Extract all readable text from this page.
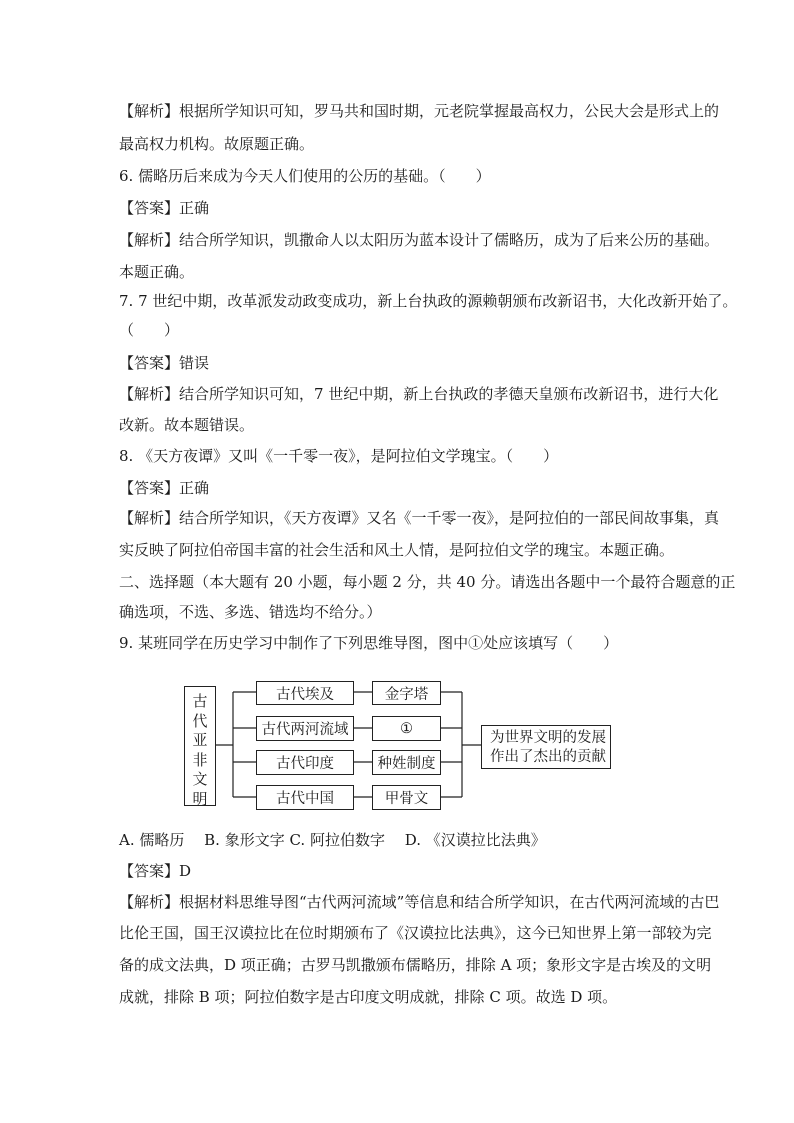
【解析】根据所学知识可知，罗马共和国时期，元老院掌握最高权力，公民大会是形式上的
最高权力机构。故原题正确。
6. 儒略历后来成为今天人们使用的公历的基础。（　　）
【答案】正确
【解析】结合所学知识，凯撒命人以太阳历为蓝本设计了儒略历，成为了后来公历的基础。
本题正确。
7. 7 世纪中期，改革派发动政变成功，新上台执政的源赖朝颁布改新诏书，大化改新开始了。
（　　）
【答案】错误
【解析】结合所学知识可知，7 世纪中期，新上台执政的孝德天皇颁布改新诏书，进行大化
改新。故本题错误。
8. 《天方夜谭》又叫《一千零一夜》，是阿拉伯文学瑰宝。（　　）
【答案】正确
【解析】结合所学知识，《天方夜谭》又名《一千零一夜》，是阿拉伯的一部民间故事集，真
实反映了阿拉伯帝国丰富的社会生活和风土人情，是阿拉伯文学的瑰宝。本题正确。
二、选择题（本大题有 20 小题，每小题 2 分，共 40 分。请选出各题中一个最符合题意的正
确选项，不选、多选、错选均不给分。）
9. 某班同学在历史学习中制作了下列思维导图，图中①处应该填写（　　）
古
代
亚
非
文
明
古代埃及
古代两河流域
古代印度
古代中国
金字塔
①
种姓制度
甲骨文
为世界文明的发展
作出了杰出的贡献
A. 儒略历　 B. 象形文字 C. 阿拉伯数字　 D. 《汉谟拉比法典》
【答案】D
【解析】根据材料思维导图“古代两河流域”等信息和结合所学知识，在古代两河流域的古巴
比伦王国，国王汉谟拉比在位时期颁布了《汉谟拉比法典》，这今已知世界上第一部较为完
备的成文法典，D 项正确；古罗马凯撒颁布儒略历，排除 A 项；象形文字是古埃及的文明
成就，排除 B 项；阿拉伯数字是古印度文明成就，排除 C 项。故选 D 项。
